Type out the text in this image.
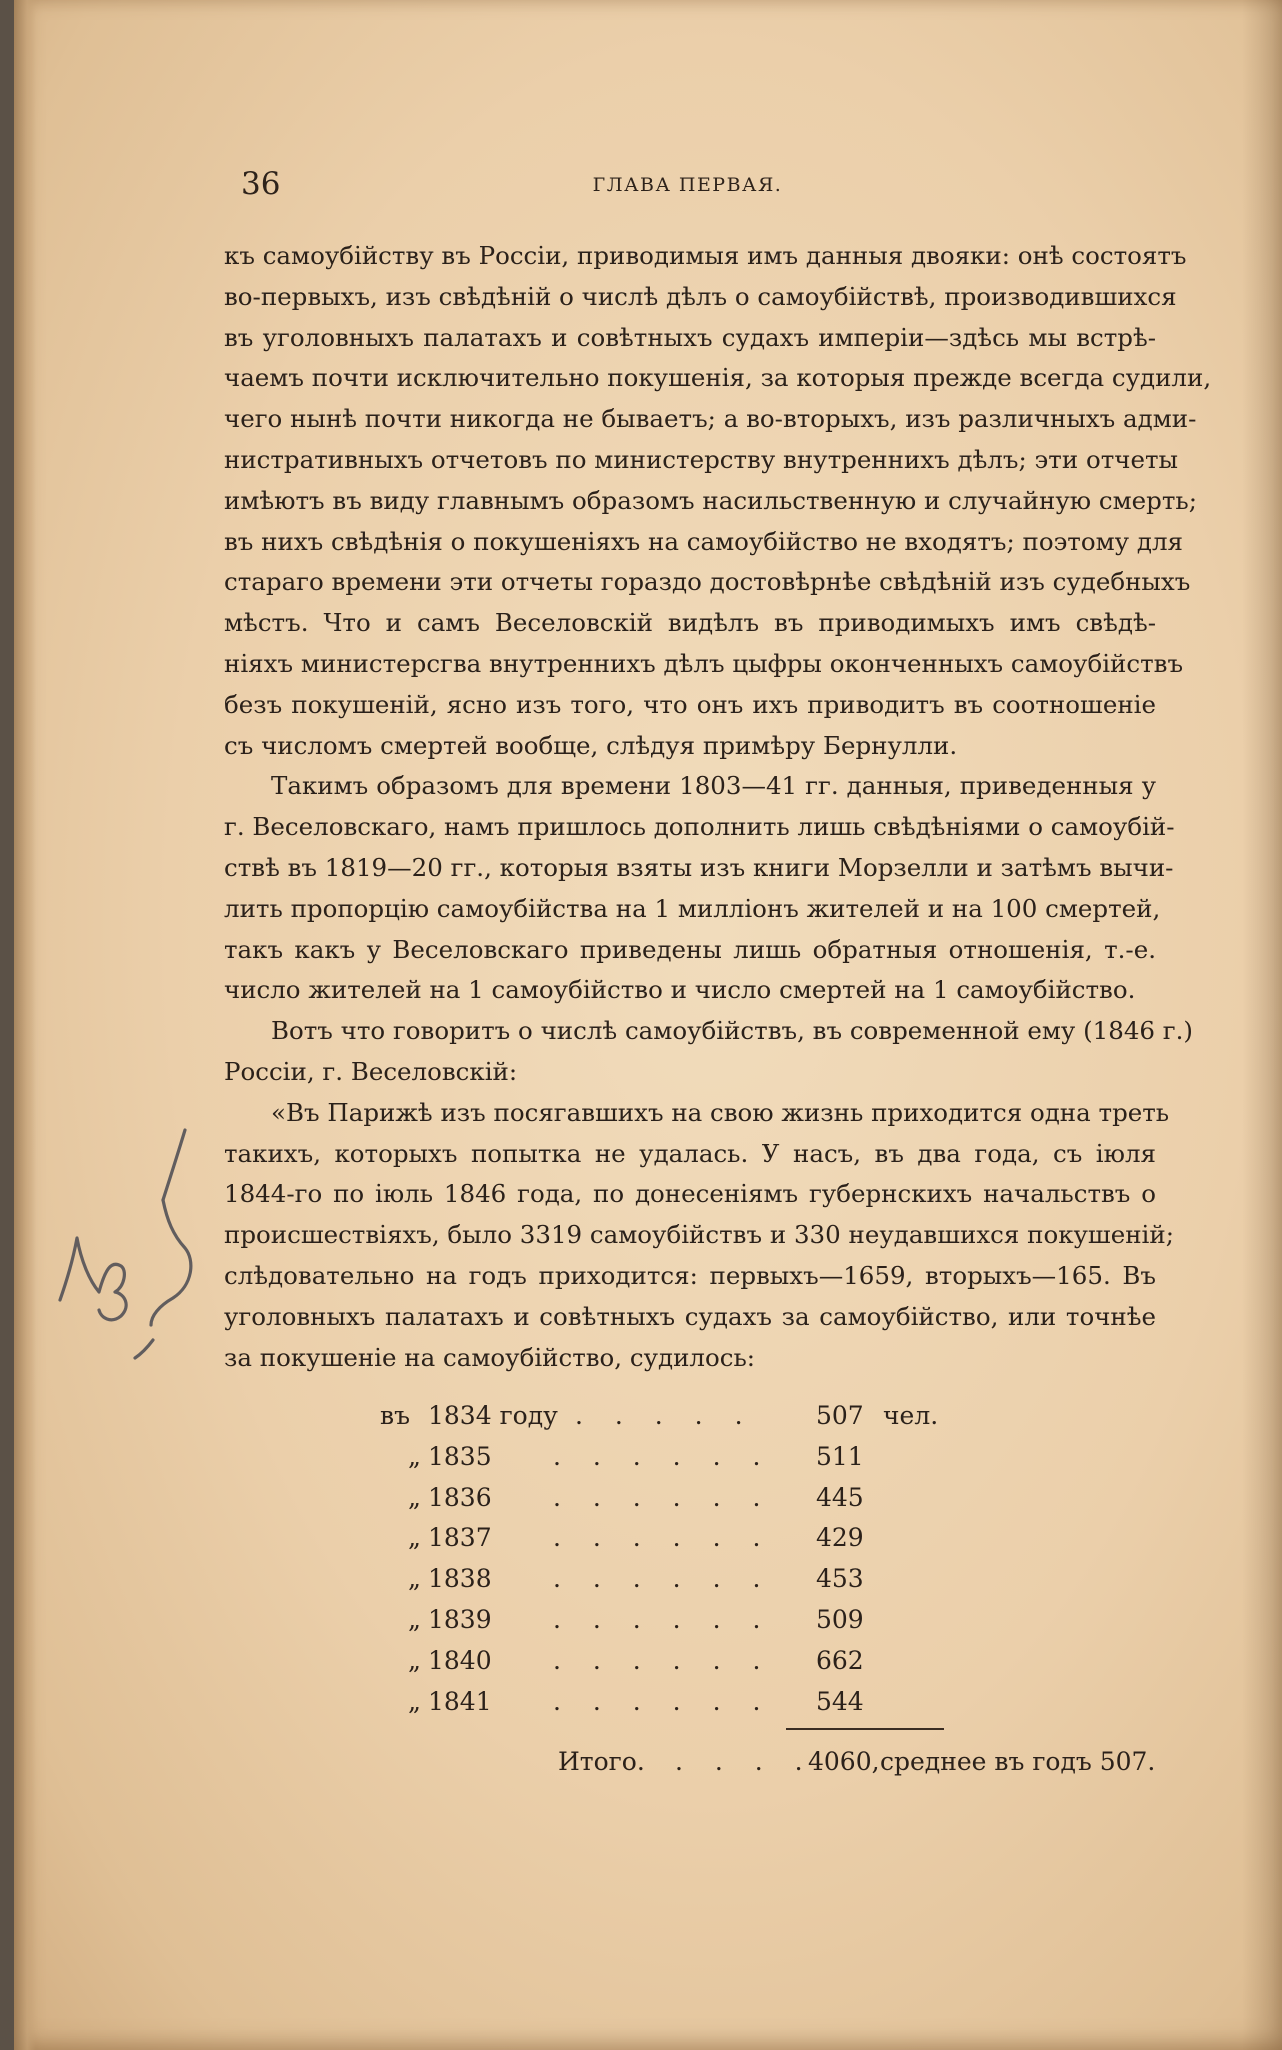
36	ГЛАВА ПЕРВАЯ.
къ самоубійству въ Россіи, приводимыя имъ данныя двояки: онѣ состоятъ
во-первыхъ, изъ свѣдѣній о числѣ дѣлъ о самоубійствѣ, производившихся
въ уголовныхъ палатахъ и совѣтныхъ судахъ имперіи—здѣсь мы встрѣ-
чаемъ почти исключительно покушенія, за которыя прежде всегда судили,
чего нынѣ почти никогда не бываетъ; а во-вторыхъ, изъ различныхъ адми-
нистративныхъ отчетовъ по министерству внутреннихъ дѣлъ; эти отчеты
имѣютъ въ виду главнымъ образомъ насильственную и случайную смерть;
въ нихъ свѣдѣнія о покушеніяхъ на самоубійство не входятъ; поэтому для
стараго времени эти отчеты гораздо достовѣрнѣе свѣдѣній изъ судебныхъ
мѣстъ. Что и самъ Веселовскій видѣлъ въ приводимыхъ имъ свѣдѣ-
ніяхъ министерсгва внутреннихъ дѣлъ цыфры оконченныхъ самоубійствъ
безъ покушеній, ясно изъ того, что онъ ихъ приводитъ въ соотношеніе
съ числомъ смертей вообще, слѣдуя примѣру Бернулли.
Такимъ образомъ для времени 1803—41 гг. данныя, приведенныя у
г. Веселовскаго, намъ пришлось дополнить лишь свѣдѣніями о самоубій-
ствѣ въ 1819—20 гг., которыя взяты изъ книги Морзелли и затѣмъ вычи-
лить пропорцію самоубійства на 1 милліонъ жителей и на 100 смертей,
такъ какъ у Веселовскаго приведены лишь обратныя отношенія, т.-е.
число жителей на 1 самоубійство и число смертей на 1 самоубійство.
Вотъ что говоритъ о числѣ самоубійствъ, въ современной ему (1846 г.)
Россіи, г. Веселовскій:
«Въ Парижѣ изъ посягавшихъ на свою жизнь приходится одна треть
такихъ, которыхъ попытка не удалась. У насъ, въ два года, съ іюля
1844-го по іюль 1846 года, по донесеніямъ губернскихъ начальствъ о
происшествіяхъ, было 3319 самоубійствъ и 330 неудавшихся покушеній;
слѣдовательно на годъ приходится: первыхъ—1659, вторыхъ—165. Въ
уголовныхъ палатахъ и совѣтныхъ судахъ за самоубійство, или точнѣе
за покушеніе на самоубійство, судилось:
въ 1834 году . . . . . 507 чел.
„ 1835 . . . . . . 511
„ 1836 . . . . . . 445
„ 1837 . . . . . . 429
„ 1838 . . . . . . 453
„ 1839 . . . . . . 509
„ 1840 . . . . . . 662
„ 1841 . . . . . . 544
Итого. . . . .
4060, среднее въ годъ 507.
